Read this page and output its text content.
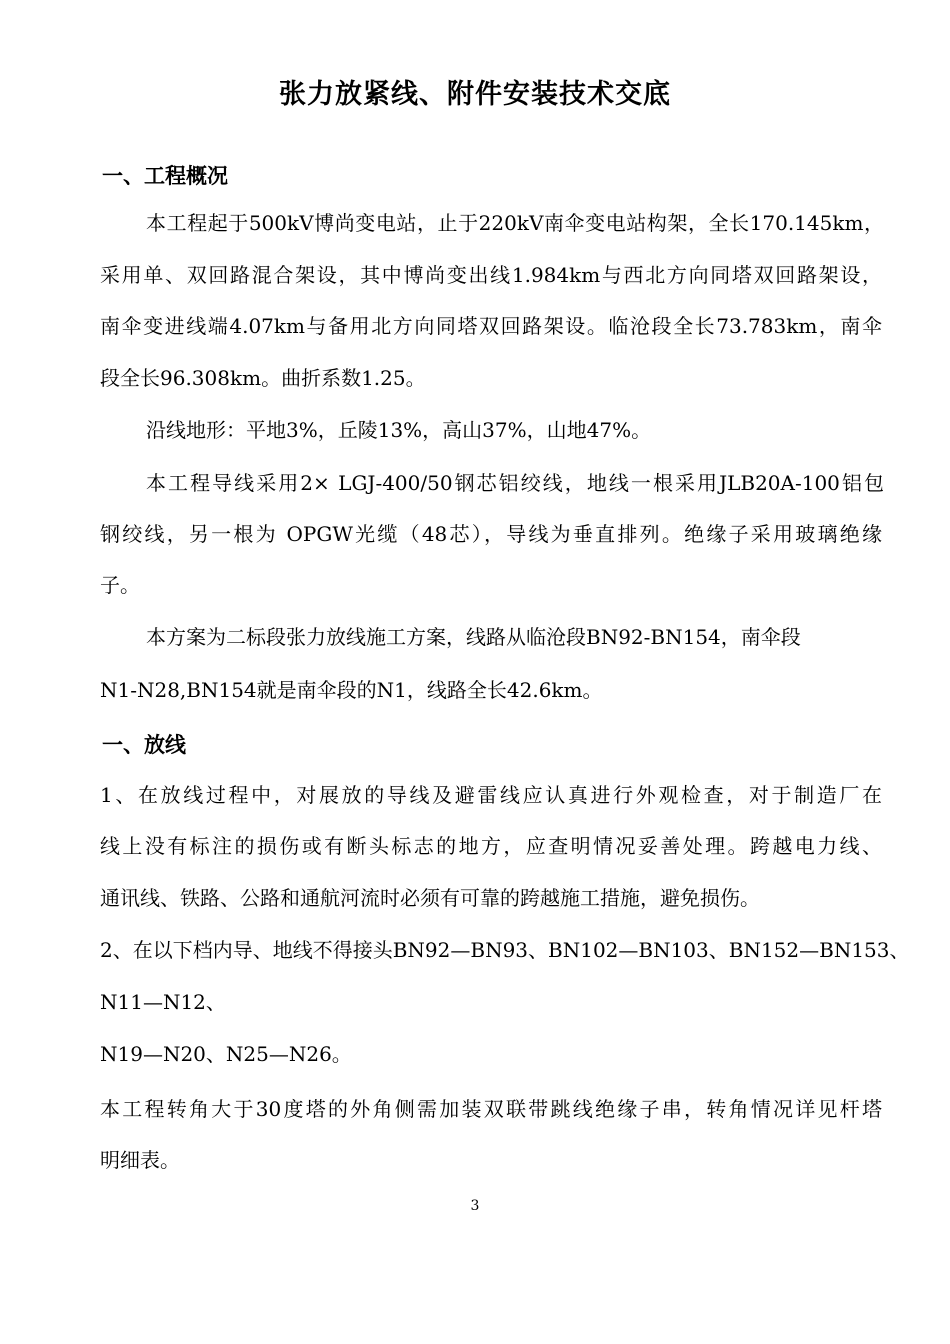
张力放紧线、附件安装技术交底
一、工程概况
本工程起于500kV博尚变电站，止于220kV南伞变电站构架，全长170.145km，
采用单、双回路混合架设，其中博尚变出线1.984km与西北方向同塔双回路架设，
南伞变进线端4.07km与备用北方向同塔双回路架设。临沧段全长73.783km，南伞
段全长96.308km。曲折系数1.25。
沿线地形：平地3%，丘陵13%，高山37%，山地47%。
本工程导线采用2× LGJ-400/50钢芯铝绞线，地线一根采用JLB20A-100铝包
钢绞线，另一根为 OPGW光缆（48芯），导线为垂直排列。绝缘子采用玻璃绝缘
子。
本方案为二标段张力放线施工方案，线路从临沧段BN92-BN154，南伞段
N1-N28,BN154就是南伞段的N1，线路全长42.6km。
一、放线
1、在放线过程中，对展放的导线及避雷线应认真进行外观检查，对于制造厂在
线上没有标注的损伤或有断头标志的地方，应查明情况妥善处理。跨越电力线、
通讯线、铁路、公路和通航河流时必须有可靠的跨越施工措施，避免损伤。
2、在以下档内导、地线不得接头BN92—BN93、BN102—BN103、BN152—BN153、
N11—N12、
N19—N20、N25—N26。
本工程转角大于30度塔的外角侧需加装双联带跳线绝缘子串，转角情况详见杆塔
明细表。
3
